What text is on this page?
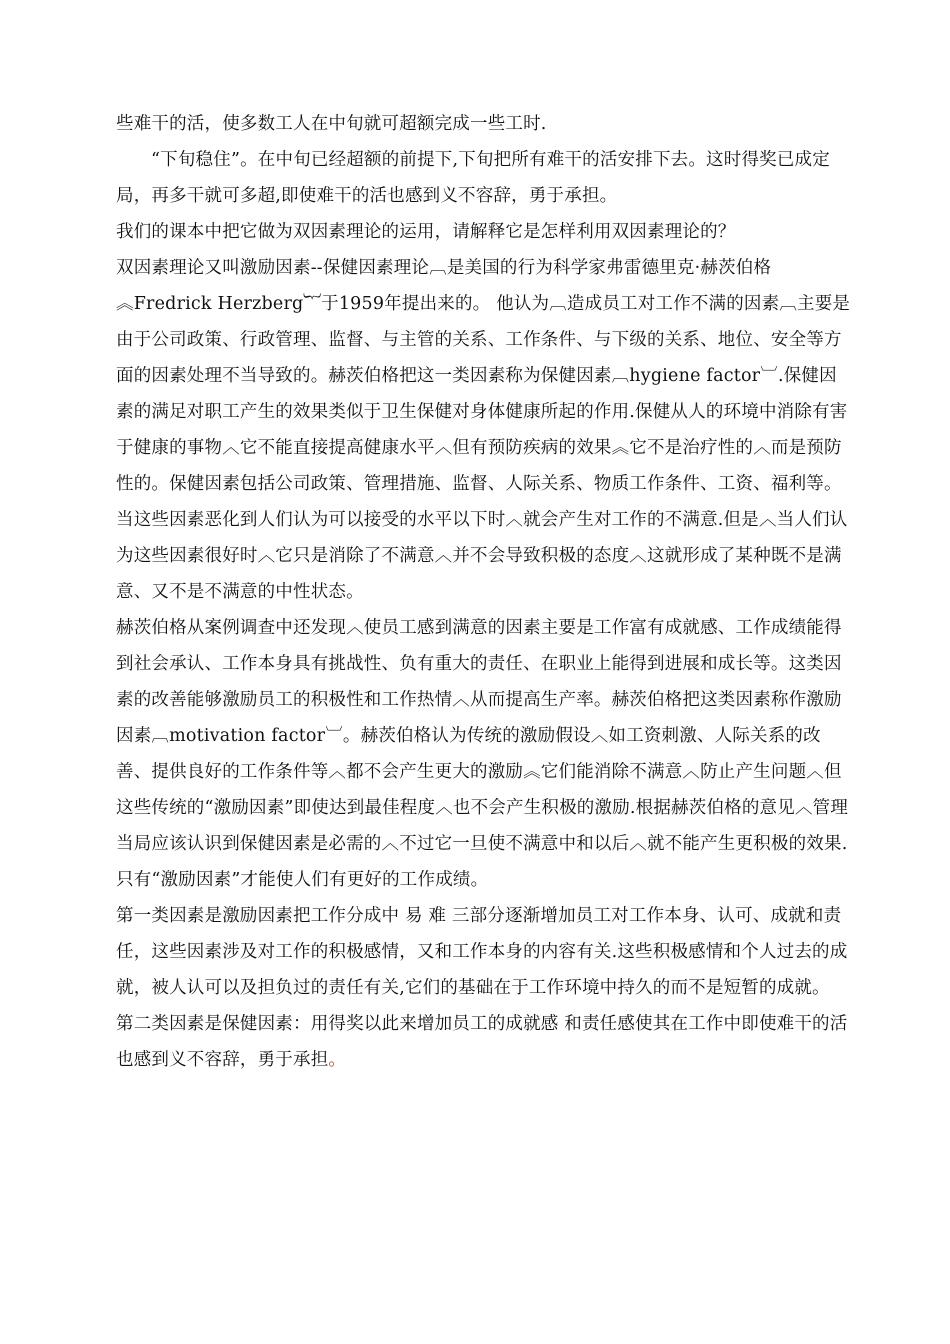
些难干的活，使多数工人在中旬就可超额完成一些工时.

“下旬稳住”。在中旬已经超额的前提下,下旬把所有难干的活安排下去。这时得奖已成定局，再多干就可多超,即使难干的活也感到义不容辞，勇于承担。

我们的课本中把它做为双因素理论的运用，请解释它是怎样利用双因素理论的？

双因素理论又叫激励因素--保健因素理论︹是美国的行为科学家弗雷德里克·赫茨伯格︽Fredrick Herzberg︸于1959年提出来的。 他认为︹造成员工对工作不满的因素︹主要是由于公司政策、行政管理、监督、与主管的关系、工作条件、与下级的关系、地位、安全等方面的因素处理不当导致的。赫茨伯格把这一类因素称为保健因素︹hygiene factor︺.保健因素的满足对职工产生的效果类似于卫生保健对身体健康所起的作用.保健从人的环境中消除有害于健康的事物︿它不能直接提高健康水平︿但有预防疾病的效果︽它不是治疗性的︿而是预防性的。保健因素包括公司政策、管理措施、监督、人际关系、物质工作条件、工资、福利等。当这些因素恶化到人们认为可以接受的水平以下时︿就会产生对工作的不满意.但是︿当人们认为这些因素很好时︿它只是消除了不满意︿并不会导致积极的态度︿这就形成了某种既不是满意、又不是不满意的中性状态。

赫茨伯格从案例调查中还发现︿使员工感到满意的因素主要是工作富有成就感、工作成绩能得到社会承认、工作本身具有挑战性、负有重大的责任、在职业上能得到进展和成长等。这类因素的改善能够激励员工的积极性和工作热情︿从而提高生产率。赫茨伯格把这类因素称作激励因素︹motivation factor︺。赫茨伯格认为传统的激励假设︿如工资刺激、人际关系的改善、提供良好的工作条件等︿都不会产生更大的激励︽它们能消除不满意︿防止产生问题︿但这些传统的“激励因素”即使达到最佳程度︿也不会产生积极的激励.根据赫茨伯格的意见︿管理当局应该认识到保健因素是必需的︿不过它一旦使不满意中和以后︿就不能产生更积极的效果.只有“激励因素”才能使人们有更好的工作成绩。

第一类因素是激励因素把工作分成中 易 难 三部分逐渐增加员工对工作本身、认可、成就和责任，这些因素涉及对工作的积极感情，又和工作本身的内容有关.这些积极感情和个人过去的成就，被人认可以及担负过的责任有关,它们的基础在于工作环境中持久的而不是短暂的成就。

第二类因素是保健因素：用得奖以此来增加员工的成就感 和责任感使其在工作中即使难干的活也感到义不容辞，勇于承担。
